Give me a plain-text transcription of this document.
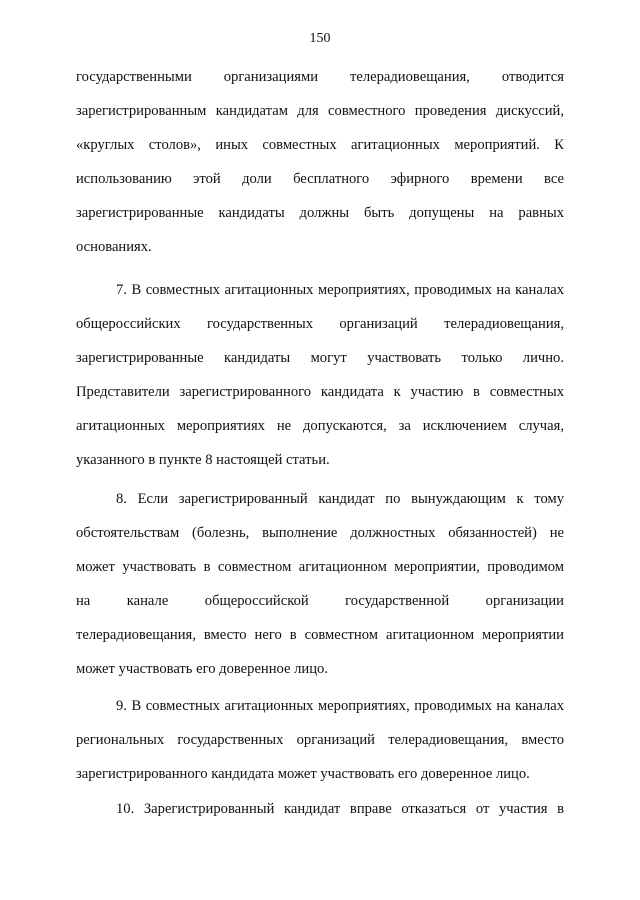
150
государственными организациями телерадиовещания, отводится
зарегистрированным кандидатам для совместного проведения дискуссий,
«круглых столов», иных совместных агитационных мероприятий. К
использованию этой доли бесплатного эфирного времени все
зарегистрированные кандидаты должны быть допущены на равных
основаниях.
7. В совместных агитационных мероприятиях, проводимых на каналах
общероссийских государственных организаций телерадиовещания,
зарегистрированные кандидаты могут участвовать только лично.
Представители зарегистрированного кандидата к участию в совместных
агитационных мероприятиях не допускаются, за исключением случая,
указанного в пункте 8 настоящей статьи.
8. Если зарегистрированный кандидат по вынуждающим к тому
обстоятельствам (болезнь, выполнение должностных обязанностей) не
может участвовать в совместном агитационном мероприятии, проводимом
на канале общероссийской государственной организации
телерадиовещания, вместо него в совместном агитационном мероприятии
может участвовать его доверенное лицо.
9. В совместных агитационных мероприятиях, проводимых на каналах
региональных государственных организаций телерадиовещания, вместо
зарегистрированного кандидата может участвовать его доверенное лицо.
10. Зарегистрированный кандидат вправе отказаться от участия в
